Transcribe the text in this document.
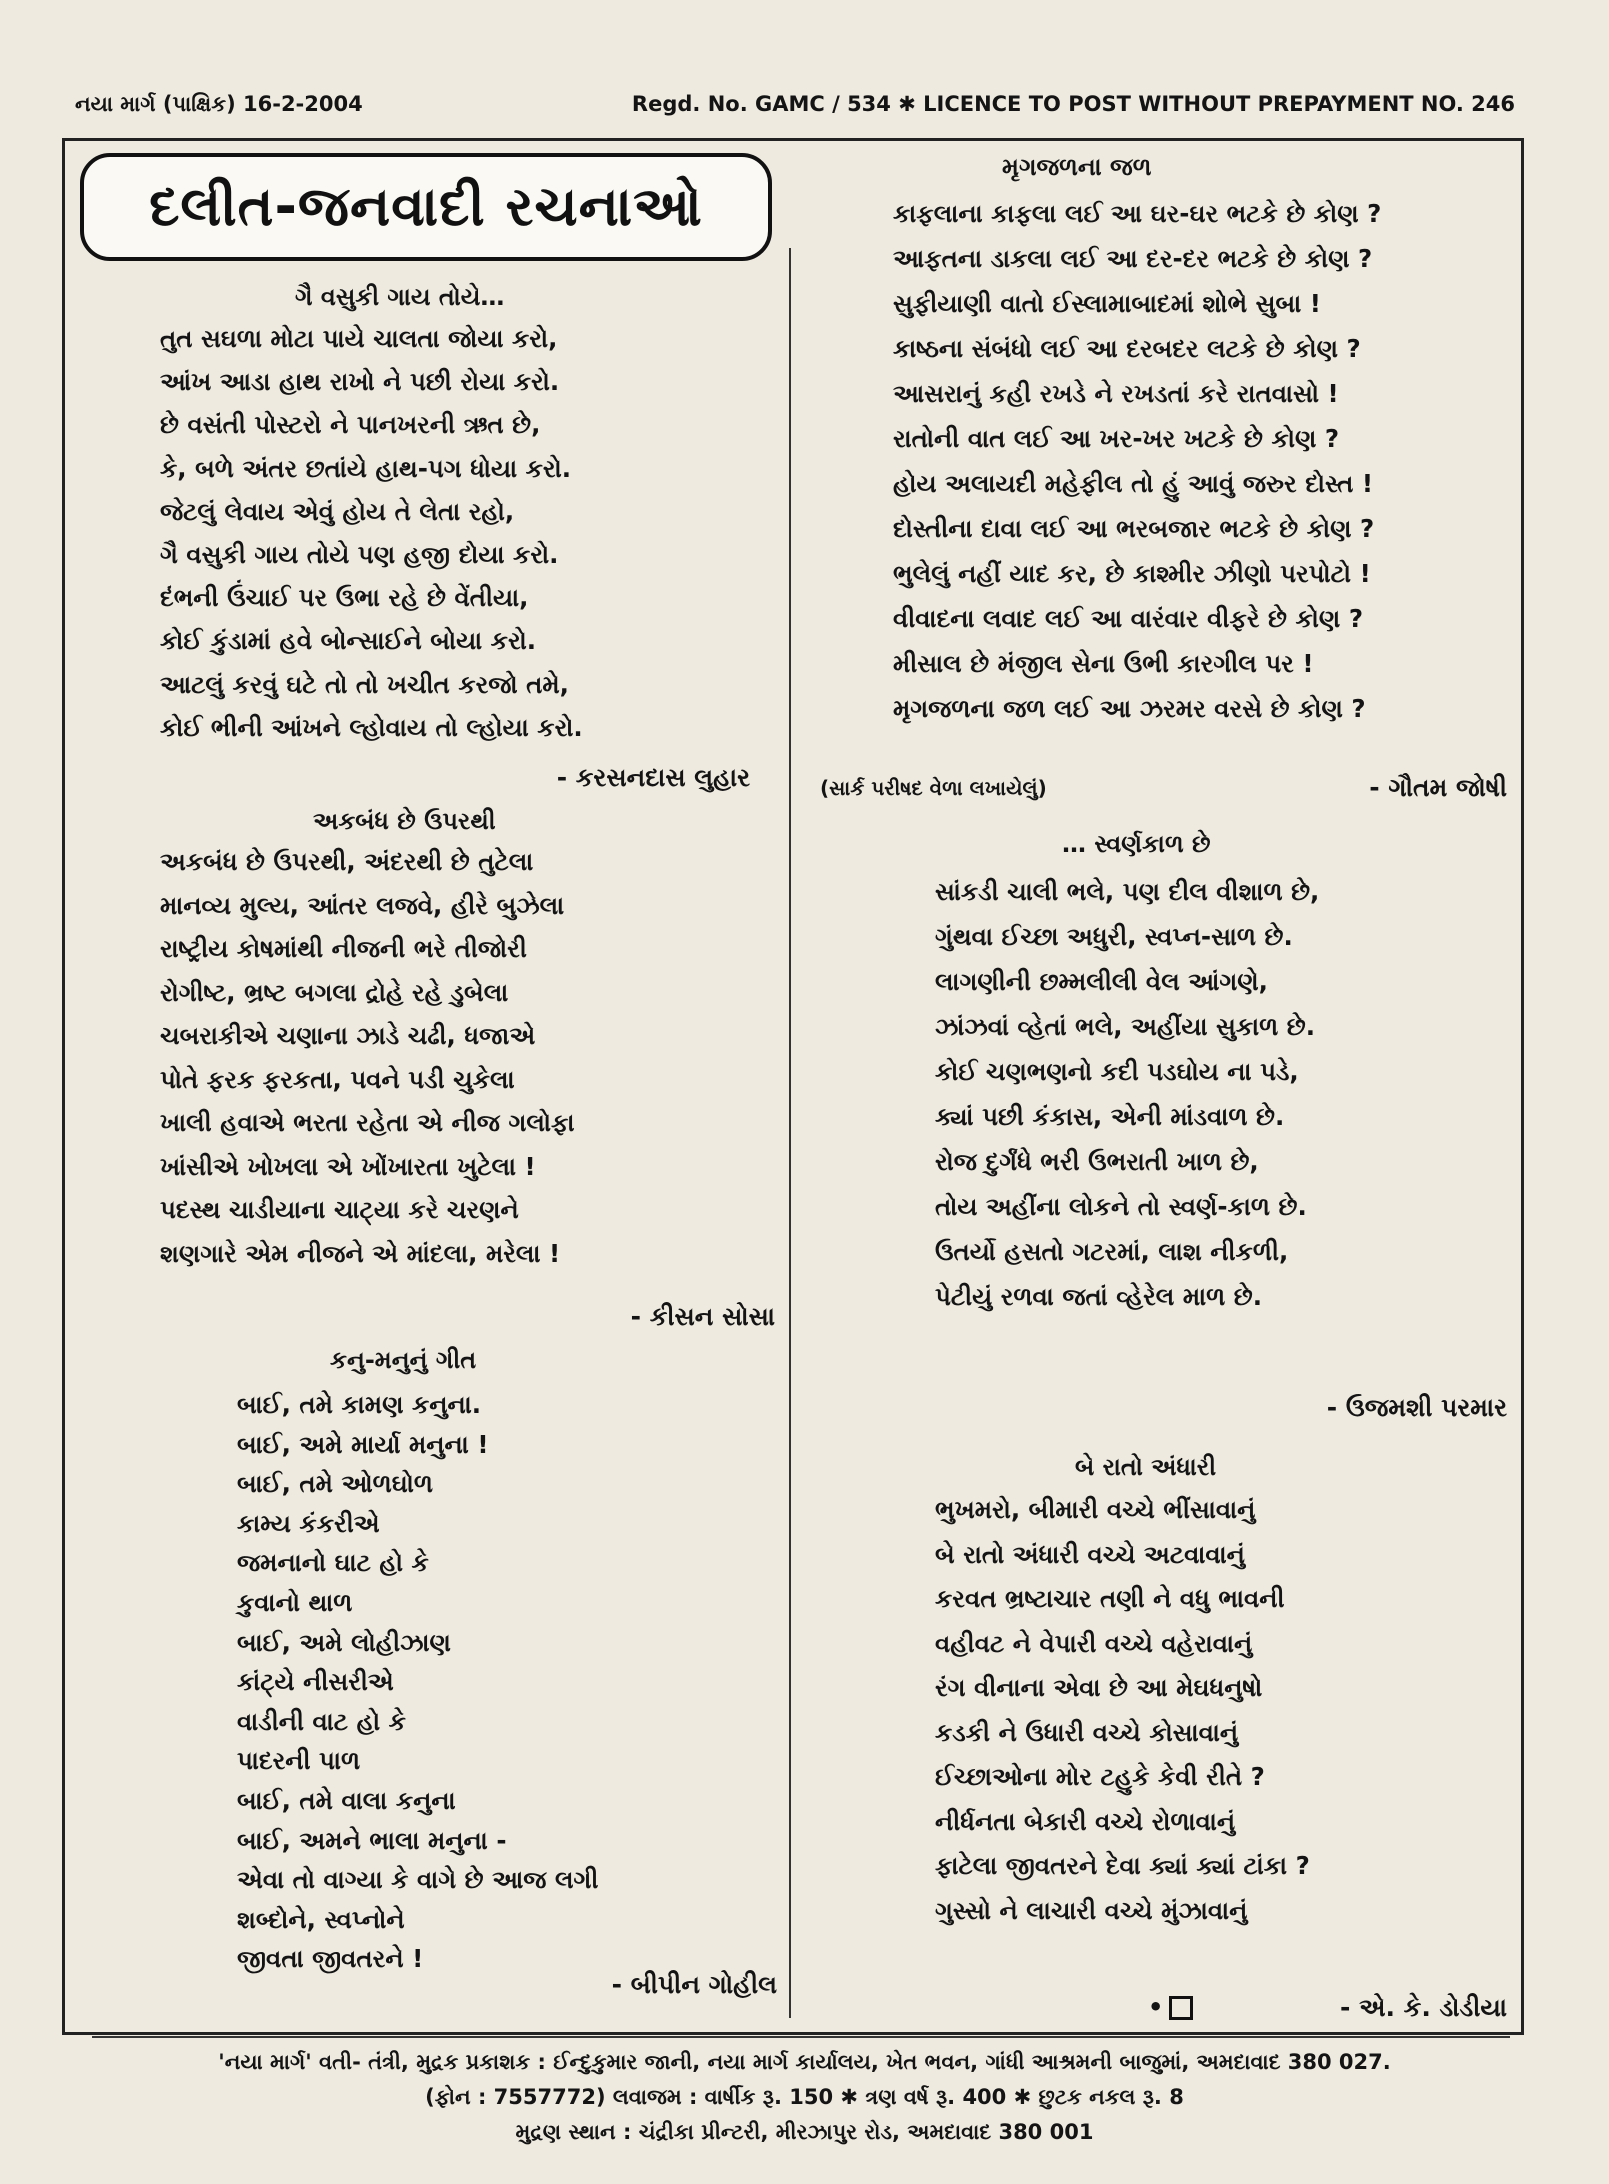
નયા માર્ગ (પાક્ષિક) 16-2-2004	Regd. No. GAMC / 534 ✱ LICENCE TO POST WITHOUT PREPAYMENT NO. 246
દલીત-જનવાદી રચનાઓ
ગૈ વસુકી ગાય તોયે…
તુત સઘળા મોટા પાયે ચાલતા જોયા કરો,
આંખ આડા હાથ રાખો ને પછી રોયા કરો.
છે વસંતી પોસ્ટરો ને પાનખરની ઋત છે,
કે, બળે અંતર છતાંયે હાથ-પગ ધોયા કરો.
જેટલું લેવાય એવું હોય તે લેતા રહો,
ગૈ વસુકી ગાય તોયે પણ હજી દોયા કરો.
દંભની ઉંચાઈ પર ઉભા રહે છે વેંતીયા,
કોઈ કુંડામાં હવે બોન્સાઈને બોયા કરો.
આટલું કરવું ઘટે તો તો ખચીત કરજો તમે,
કોઈ ભીની આંખને લ્હોવાય તો લ્હોયા કરો.
- કરસનદાસ લુહાર
અકબંધ છે ઉપરથી
અકબંધ છે ઉપરથી, અંદરથી છે તુટેલા
માનવ્ય મુલ્ય, આંતર લજવે, હીરે બુઝેલા
રાષ્ટ્રીય કોષમાંથી નીજની ભરે તીજોરી
રોગીષ્ટ, ભ્રષ્ટ બગલા દ્રોહે રહે ડુબેલા
ચબરાકીએ ચણાના ઝાડે ચઢી, ધજાએ
પોતે ફરક ફરકતા, પવને પડી ચુકેલા
ખાલી હવાએ ભરતા રહેતા એ નીજ ગલોફા
ખાંસીએ ખોખલા એ ખોંખારતા ખુટેલા !
પદસ્થ ચાડીયાના ચાટ્યા કરે ચરણને
શણગારે એમ નીજને એ માંદલા, મરેલા !
- કીસન સોસા
કનુ-મનુનું ગીત
બાઈ, તમે કામણ કનુના.
બાઈ, અમે માર્યા મનુના !
બાઈ, તમે ઓળઘોળ
કામ્ય કંકરીએ
જમનાનો ઘાટ હો કે
કુવાનો થાળ
બાઈ, અમે લોહીઝાણ
કાંટ્યે નીસરીએ
વાડીની વાટ હો કે
પાદરની પાળ
બાઈ, તમે વાલા કનુના
બાઈ, અમને ભાલા મનુના -
એવા તો વાગ્યા કે વાગે છે આજ લગી
શબ્દોને, સ્વપ્નોને
જીવતા જીવતરને !
- બીપીન ગોહીલ
મૃગજળના જળ
કાફલાના કાફલા લઈ આ ઘર-ઘર ભટકે છે કોણ ?
આફતના ડાકલા લઈ આ દર-દર ભટકે છે કોણ ?
સુફીયાણી વાતો ઈસ્લામાબાદમાં શોભે સુબા !
કાષ્ઠના સંબંધો લઈ આ દરબદર લટકે છે કોણ ?
આસરાનું કહી રખડે ને રખડતાં કરે રાતવાસો !
રાતોની વાત લઈ આ ખર-ખર ખટકે છે કોણ ?
હોય અલાયદી મહેફીલ તો હું આવું જરુર દોસ્ત !
દોસ્તીના દાવા લઈ આ ભરબજાર ભટકે છે કોણ ?
ભુલેલું નહીં યાદ કર, છે કાશ્મીર ઝીણો પરપોટો !
વીવાદના લવાદ લઈ આ વારંવાર વીફરે છે કોણ ?
મીસાલ છે મંજીલ સેના ઉભી કારગીલ પર !
મૃગજળના જળ લઈ આ ઝરમર વરસે છે કોણ ?
(સાર્ક પરીષદ વેળા લખાયેલું)	- ગૌતમ જોષી
… સ્વર્ણકાળ છે
સાંકડી ચાલી ભલે, પણ દીલ વીશાળ છે,
ગુંથવા ઈચ્છા અધુરી, સ્વપ્ન-સાળ છે.
લાગણીની છમ્મલીલી વેલ આંગણે,
ઝાંઝવાં વ્હેતાં ભલે, અહીંયા સુકાળ છે.
કોઈ ચણભણનો કદી પડઘોય ના પડે,
ક્યાં પછી કંકાસ, એની માંડવાળ છે.
રોજ દુર્ગંધે ભરી ઉભરાતી ખાળ છે,
તોય અહીંના લોકને તો સ્વર્ણ-કાળ છે.
ઉતર્યો હસતો ગટરમાં, લાશ નીકળી,
પેટીયું રળવા જતાં વ્હેરેલ માળ છે.
- ઉજમશી પરમાર
બે રાતો અંધારી
ભુખમરો, બીમારી વચ્ચે ભીંસાવાનું
બે રાતો અંધારી વચ્ચે અટવાવાનું
કરવત ભ્રષ્ટાચાર તણી ને વધુ ભાવની
વહીવટ ને વેપારી વચ્ચે વહેરાવાનું
રંગ વીનાના એવા છે આ મેઘધનુષો
કડકી ને ઉધારી વચ્ચે કોસાવાનું
ઈચ્છાઓના મોર ટહુકે કેવી રીતે ?
નીર્ધનતા બેકારી વચ્ચે રોળાવાનું
ફાટેલા જીવતરને દેવા ક્યાં ક્યાં ટાંકા ?
ગુસ્સો ને લાચારી વચ્ચે મુંઝાવાનું
- એ. કે. ડોડીયા
•
'નયા માર્ગ' વતી- તંત્રી, મુદ્રક પ્રકાશક : ઈન્દુકુમાર જાની, નયા માર્ગ કાર્યાલય, ખેત ભવન, ગાંધી આશ્રમની બાજુમાં, અમદાવાદ 380 027.
(ફોન : 7557772) લવાજમ : વાર્ષીક રૂ. 150 ✱ ત્રણ વર્ષ રૂ. 400 ✱ છુટક નકલ રૂ. 8
મુદ્રણ સ્થાન : ચંદ્રીકા પ્રીન્ટરી, મીરઝાપુર રોડ, અમદાવાદ 380 001
